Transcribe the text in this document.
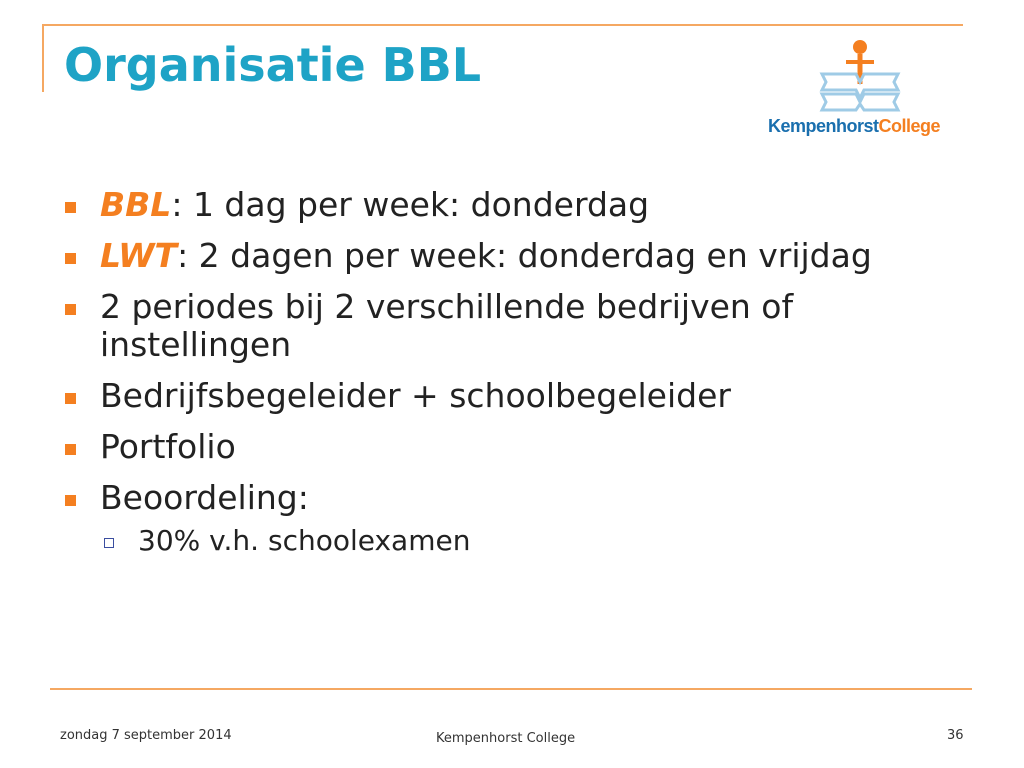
Organisatie BBL
KempenhorstCollege
BBL: 1 dag per week: donderdag
LWT: 2 dagen per week: donderdag en vrijdag
2 periodes bij 2 verschillende bedrijven of instellingen
Bedrijfsbegeleider + schoolbegeleider
Portfolio
Beoordeling:
30% v.h. schoolexamen
zondag 7 september 2014	Kempenhorst College	36
